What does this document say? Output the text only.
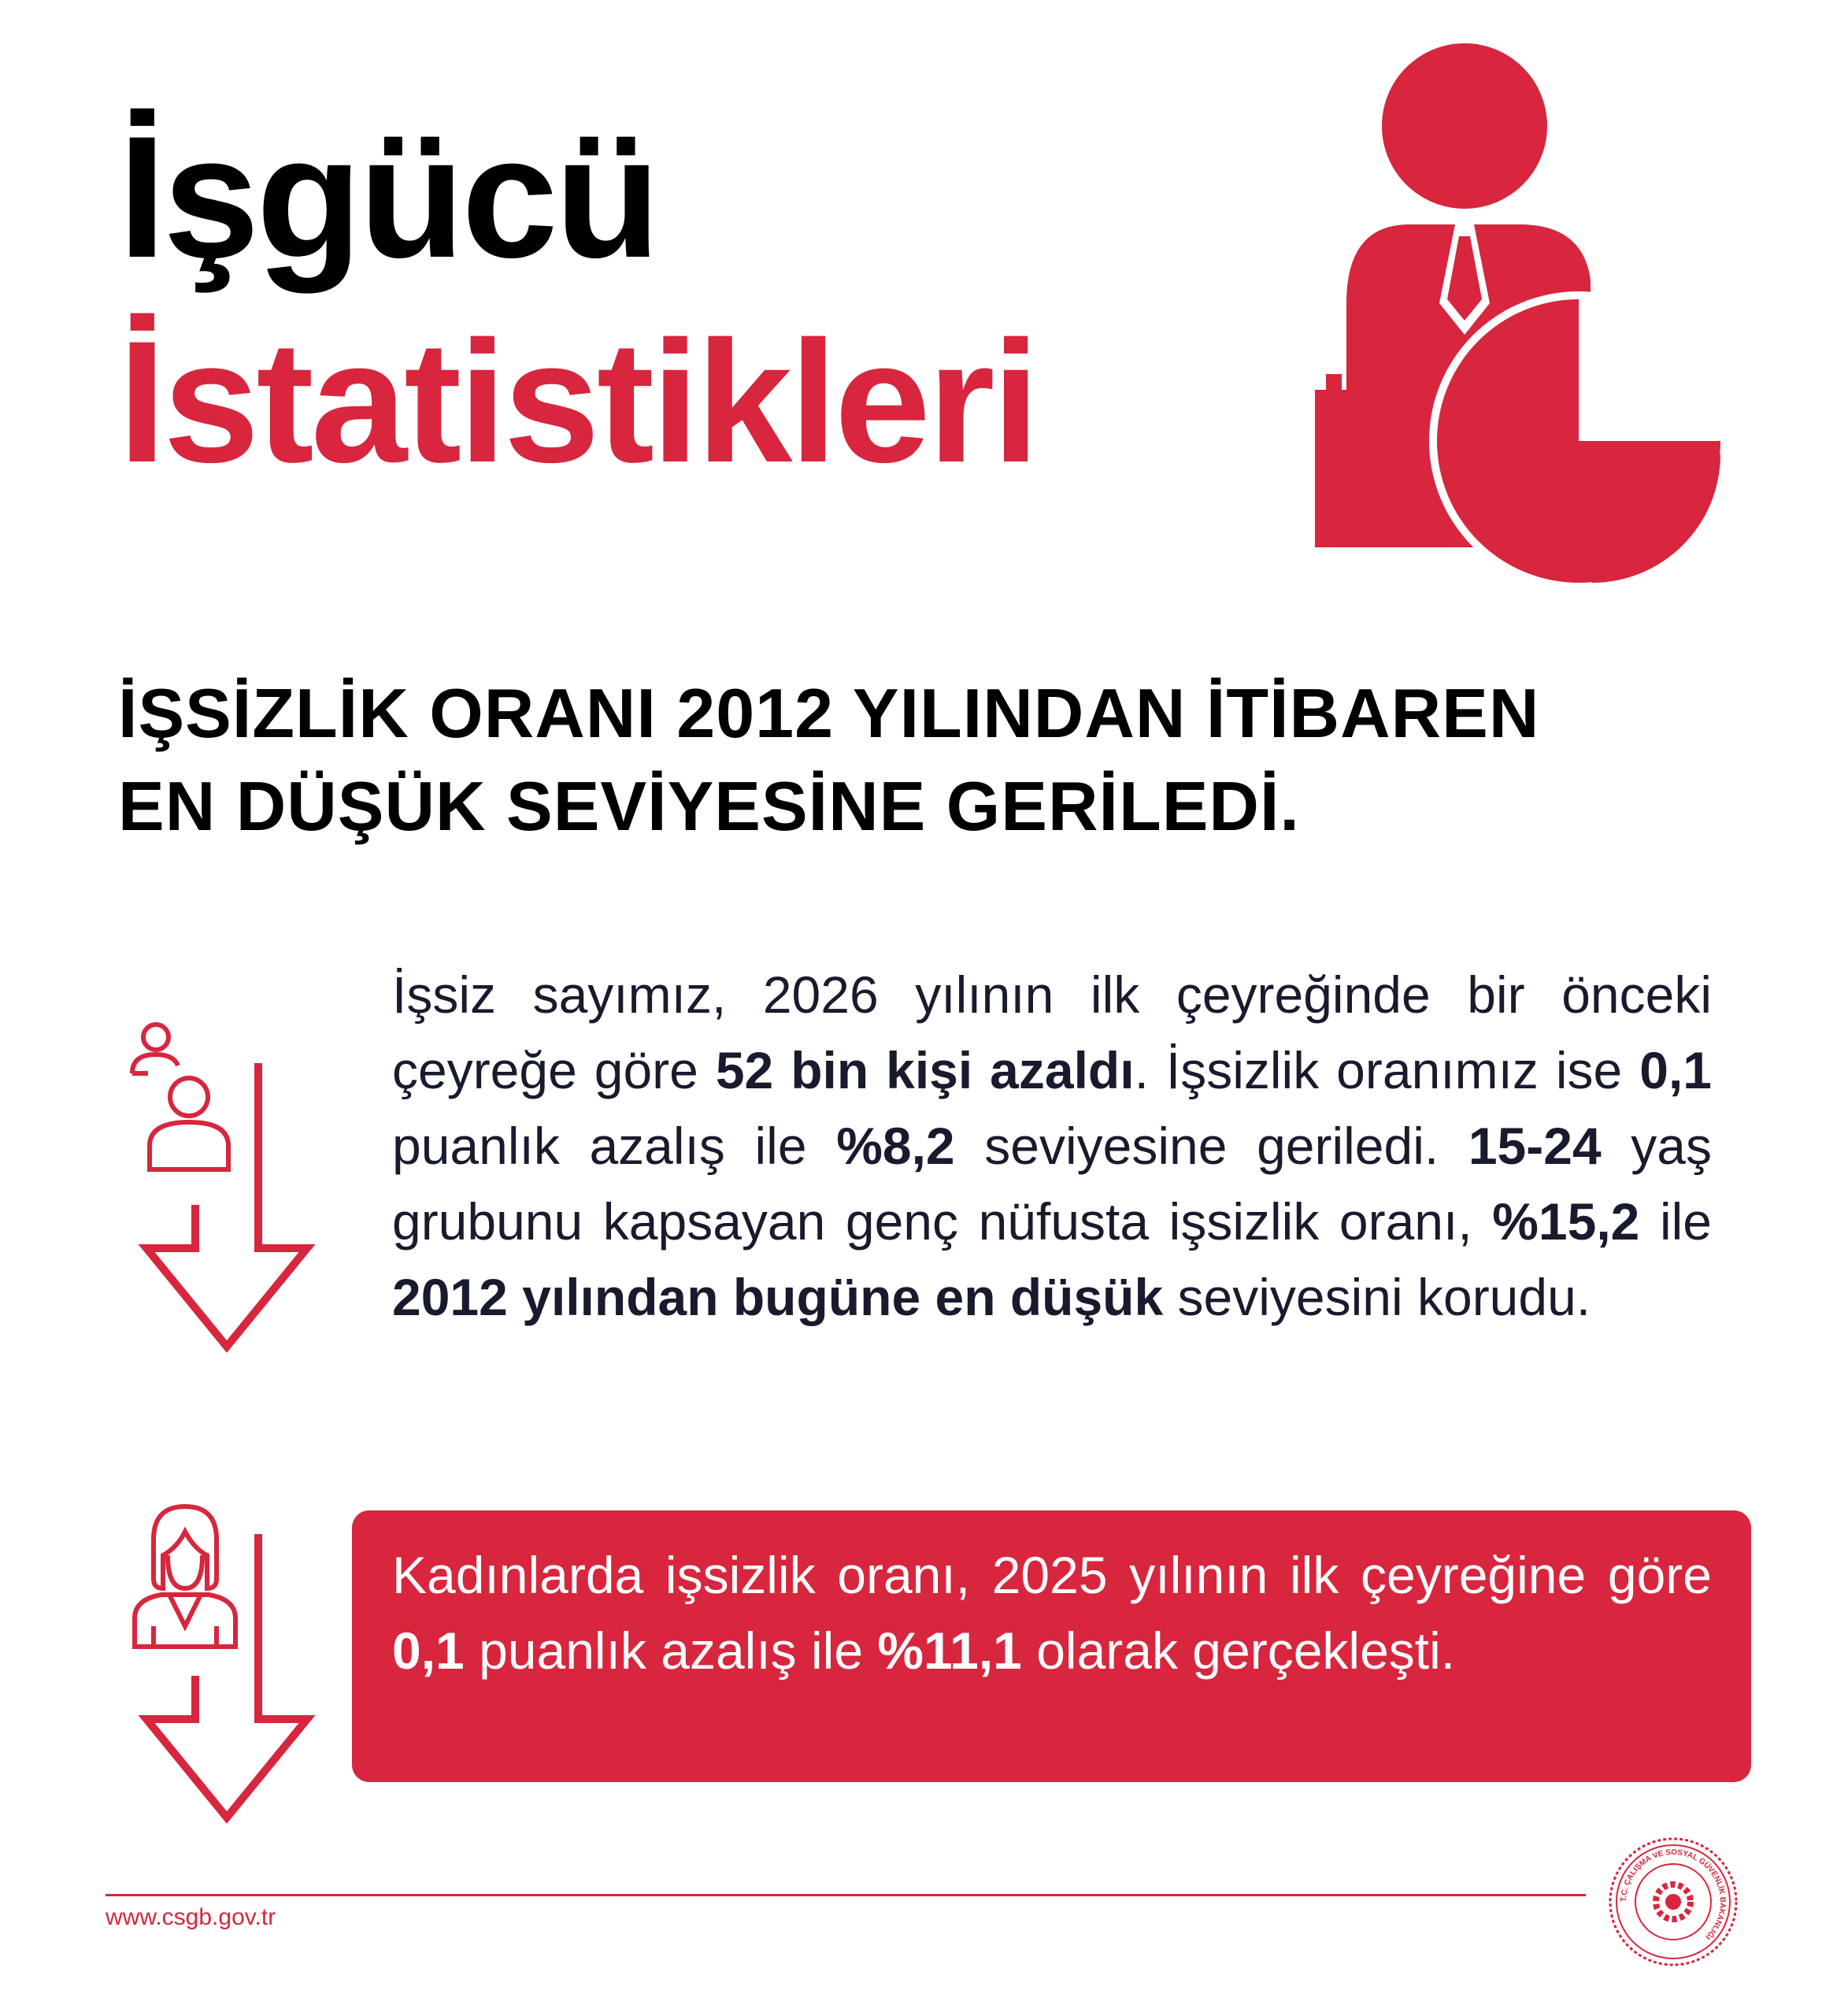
İşgücü
İstatistikleri
İŞSİZLİK ORANI 2012 YILINDAN İTİBAREN
EN DÜŞÜK SEVİYESİNE GERİLEDİ.
İşsiz sayımız, 2026 yılının ilk çeyreğinde bir önceki çeyreğe göre 52 bin kişi azaldı. İşsizlik oranımız ise 0,1 puanlık azalış ile %8,2 seviyesine geriledi. 15-24 yaş grubunu kapsayan genç nüfusta işsizlik oranı, %15,2 ile 2012 yılından bugüne en düşük seviyesini korudu.
Kadınlarda işsizlik oranı, 2025 yılının ilk çeyreğine göre 0,1 puanlık azalış ile %11,1 olarak gerçekleşti.
www.csgb.gov.tr
T.C. ÇALIŞMA VE SOSYAL GÜVENLİK BAKANLIĞI
